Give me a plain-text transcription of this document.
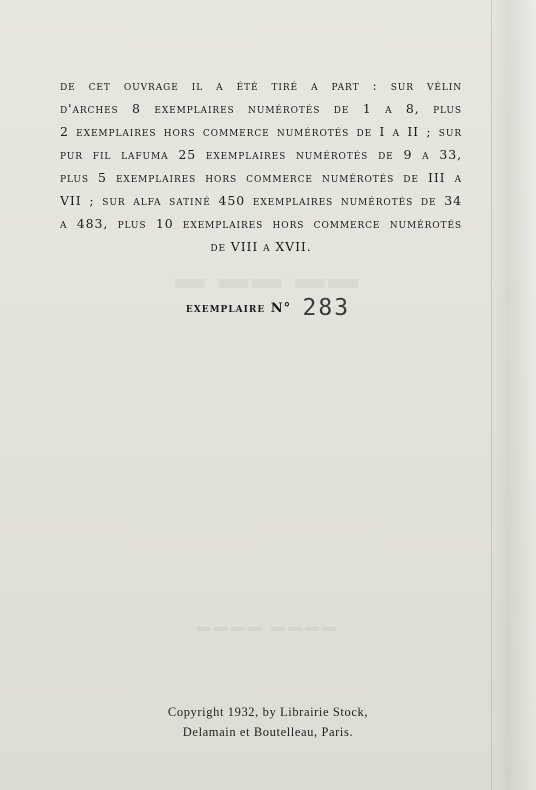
▬ ▬▬ ▬▬
▬▬▬▬ ▬▬▬▬
de cet ouvrage il a été tiré a part : sur vélin
d'arches 8 exemplaires numérotés de 1 a 8, plus
2 exemplaires hors commerce numérotés de I a II ; sur
pur fil lafuma 25 exemplaires numérotés de 9 a 33,
plus 5 exemplaires hors commerce numérotés de III a
VII ; sur alfa satiné 450 exemplaires numérotés de 34
a 483, plus 10 exemplaires hors commerce numérotés
de VIII a XVII.
exemplaire N° 283
Copyright 1932, by Librairie Stock,
Delamain et Boutelleau, Paris.
